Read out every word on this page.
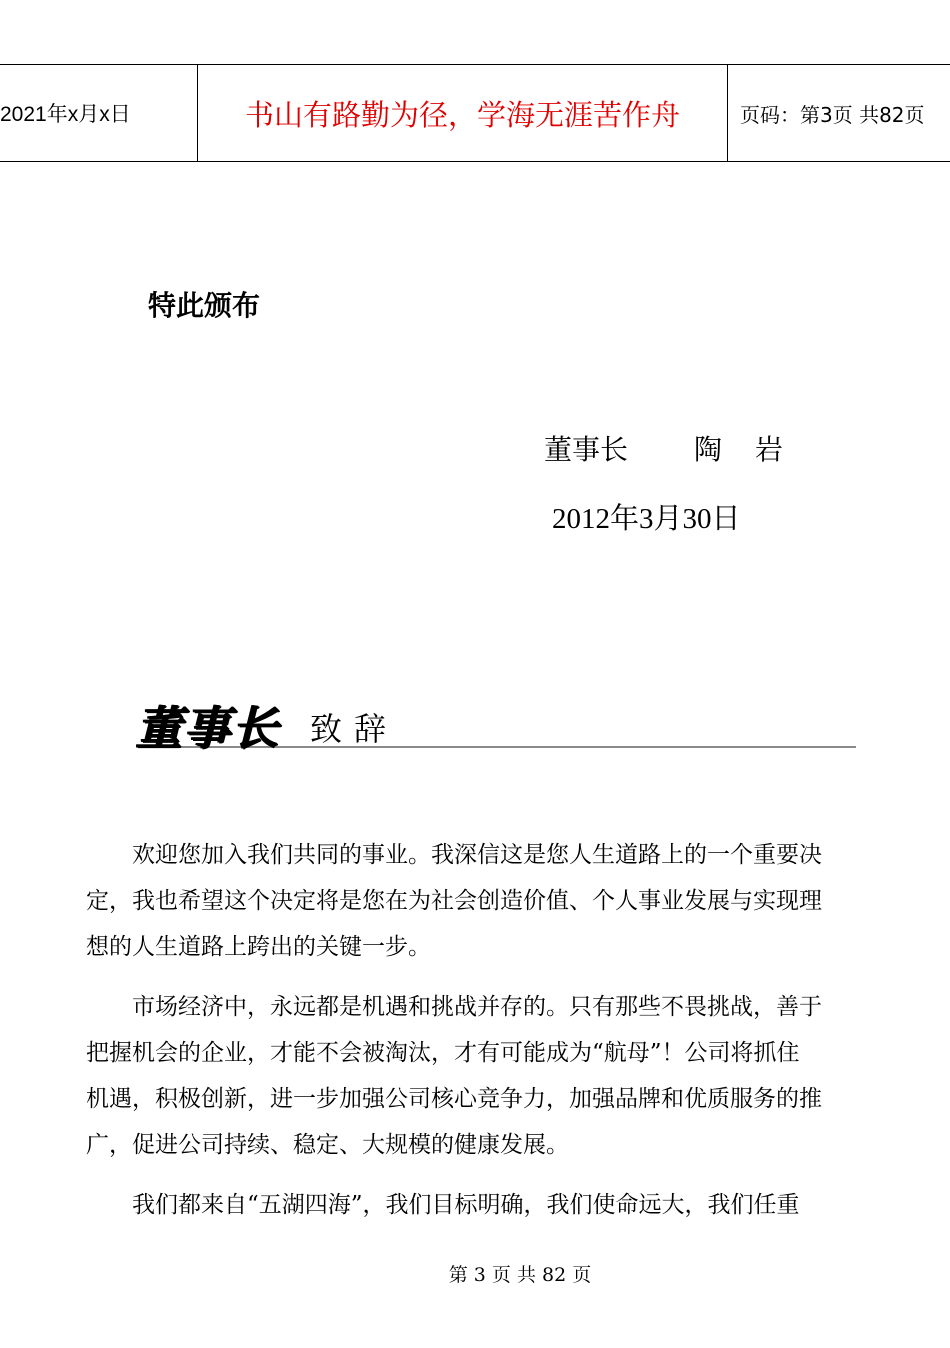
2021年x月x日	书山有路勤为径，学海无涯苦作舟	页码：第3页 共82页
特此颁布
董事长 陶 岩
2012年3月30日
董事长 致辞
欢迎您加入我们共同的事业。我深信这是您人生道路上的一个重要决
定，我也希望这个决定将是您在为社会创造价值、个人事业发展与实现理
想的人生道路上跨出的关键一步。
市场经济中，永远都是机遇和挑战并存的。只有那些不畏挑战，善于
把握机会的企业，才能不会被淘汰，才有可能成为“航母”！公司将抓住
机遇，积极创新，进一步加强公司核心竞争力，加强品牌和优质服务的推
广，促进公司持续、稳定、大规模的健康发展。
我们都来自“五湖四海”，我们目标明确，我们使命远大，我们任重
第 3 页 共 82 页
